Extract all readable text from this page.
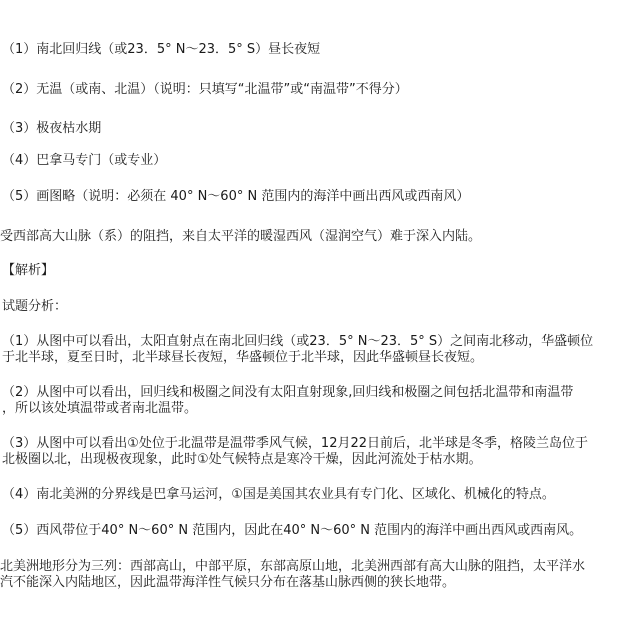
（1）南北回归线（或23．5° N～23．5° S）昼长夜短
（2）无温（或南、北温）（说明：只填写“北温带”或“南温带”不得分）
（3）极夜枯水期
（4）巴拿马专门（或专业）
（5）画图略（说明：必须在 40° N～60° N 范围内的海洋中画出西风或西南风）
受西部高大山脉（系）的阻挡，来自太平洋的暖湿西风（湿润空气）难于深入内陆。
【解析】
试题分析：
（1）从图中可以看出，太阳直射点在南北回归线（或23．5° N～23．5° S）之间南北移动，华盛顿位
于北半球，夏至日时，北半球昼长夜短，华盛顿位于北半球，因此华盛顿昼长夜短。
（2）从图中可以看出，回归线和极圈之间没有太阳直射现象,回归线和极圈之间包括北温带和南温带
，所以该处填温带或者南北温带。
（3）从图中可以看出①处位于北温带是温带季风气候，12月22日前后，北半球是冬季，格陵兰岛位于
北极圈以北，出现极夜现象，此时①处气候特点是寒冷干燥，因此河流处于枯水期。
（4）南北美洲的分界线是巴拿马运河，①国是美国其农业具有专门化、区域化、机械化的特点。
（5）西风带位于40° N～60° N 范围内，因此在40° N～60° N 范围内的海洋中画出西风或西南风。
北美洲地形分为三列：西部高山，中部平原，东部高原山地，北美洲西部有高大山脉的阻挡，太平洋水
汽不能深入内陆地区，因此温带海洋性气候只分布在落基山脉西侧的狭长地带。
